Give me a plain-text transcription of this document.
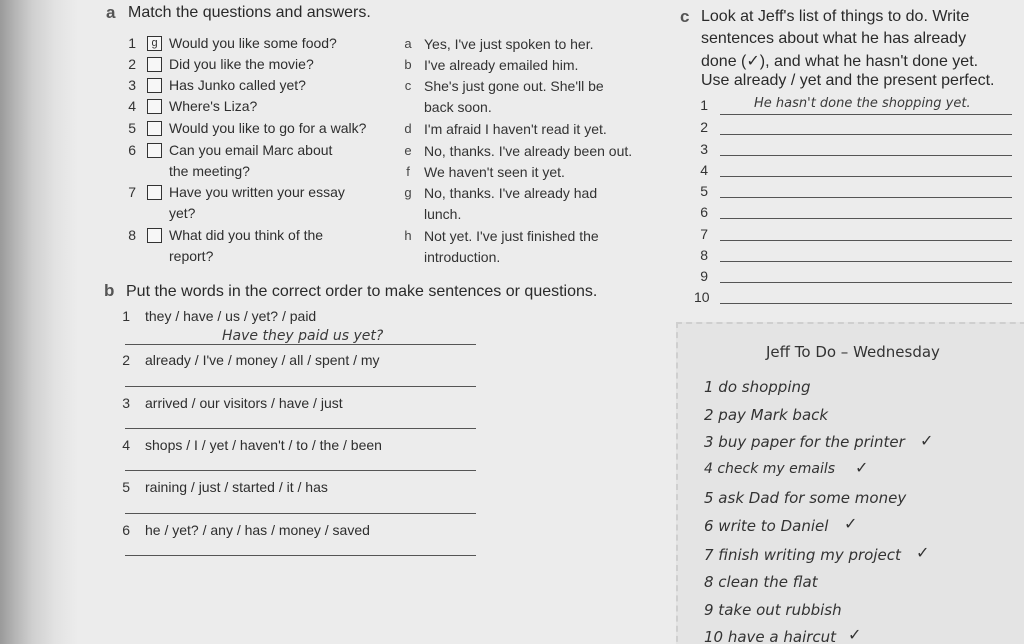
a Match the questions and answers.
1	g Would you like some food?
2 Did you like the movie?
3 Has Junko called yet?
4 Where's Liza?
5 Would you like to go for a walk?
6 Can you email Marc about
the meeting?
7 Have you written your essay
yet?
8 What did you think of the
report?
a Yes, I've just spoken to her.
b I've already emailed him.
c She's just gone out. She'll be
back soon.
d I'm afraid I haven't read it yet.
e No, thanks. I've already been out.
f We haven't seen it yet.
g No, thanks. I've already had
lunch.
h Not yet. I've just finished the
introduction.
b Put the words in the correct order to make sentences or questions.
1 they / have / us / yet? / paid
Have they paid us yet?
2 already / I've / money / all / spent / my
3 arrived / our visitors / have / just
4 shops / I / yet / haven't / to / the / been
5 raining / just / started / it / has
6 he / yet? / any / has / money / saved
c Look at Jeff's list of things to do. Write
sentences about what he has already
done (✓), and what he hasn't done yet.
Use already / yet and the present perfect.
1	He hasn't done the shopping yet.
2
3
4
5
6
7
8
9
10
Jeff To Do – Wednesday
1 do shopping
2 pay Mark back
3 buy paper for the printer ✓
4 check my emails ✓
5 ask Dad for some money
6 write to Daniel ✓
7 finish writing my project ✓
8 clean the flat
9 take out rubbish
10 have a haircut ✓
